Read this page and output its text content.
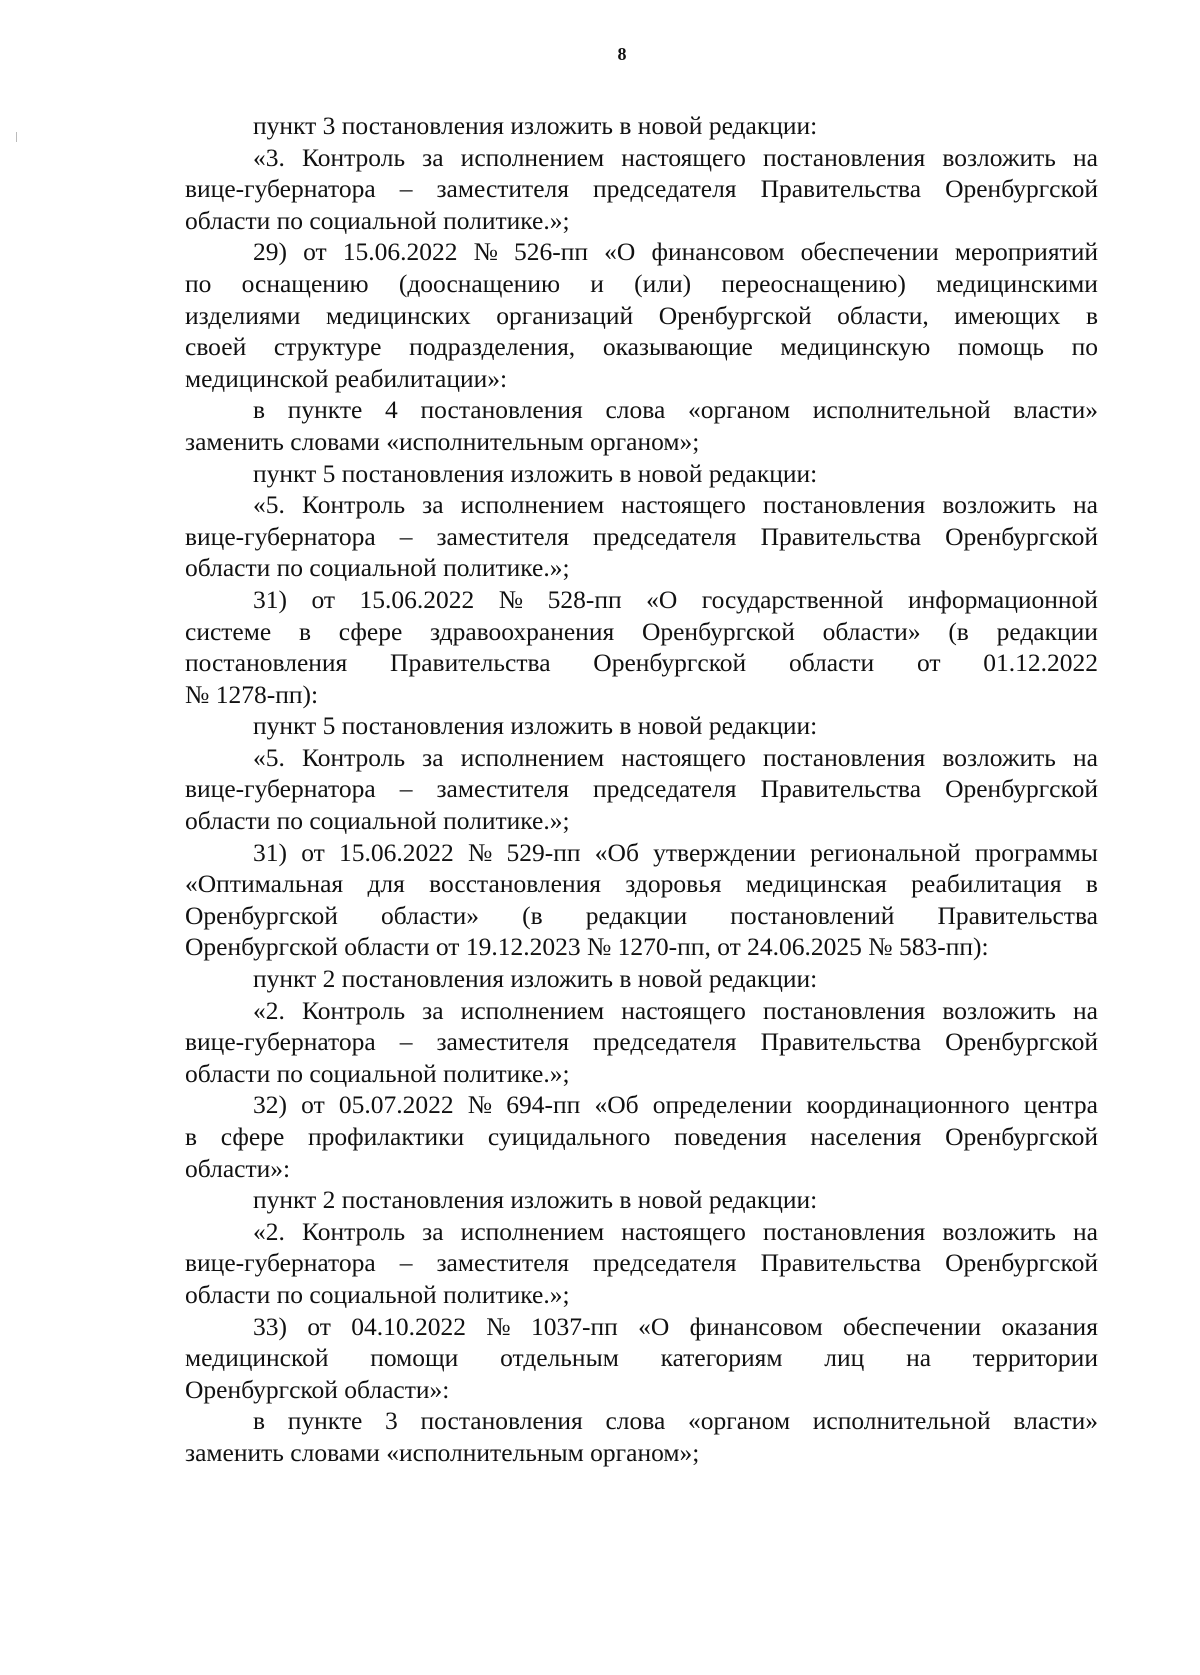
8
пункт 3 постановления изложить в новой редакции:
«3. Контроль за исполнением настоящего постановления возложить на
вице-губернатора – заместителя председателя Правительства Оренбургской
области по социальной политике.»;
29) от 15.06.2022 № 526-пп «О финансовом обеспечении мероприятий
по оснащению (дооснащению и (или) переоснащению) медицинскими
изделиями медицинских организаций Оренбургской области, имеющих в
своей структуре подразделения, оказывающие медицинскую помощь по
медицинской реабилитации»:
в пункте 4 постановления слова «органом исполнительной власти»
заменить словами «исполнительным органом»;
пункт 5 постановления изложить в новой редакции:
«5. Контроль за исполнением настоящего постановления возложить на
вице-губернатора – заместителя председателя Правительства Оренбургской
области по социальной политике.»;
31) от 15.06.2022 № 528-пп «О государственной информационной
системе в сфере здравоохранения Оренбургской области» (в редакции
постановления Правительства Оренбургской области от 01.12.2022
№ 1278-пп):
пункт 5 постановления изложить в новой редакции:
«5. Контроль за исполнением настоящего постановления возложить на
вице-губернатора – заместителя председателя Правительства Оренбургской
области по социальной политике.»;
31) от 15.06.2022 № 529-пп «Об утверждении региональной программы
«Оптимальная для восстановления здоровья медицинская реабилитация в
Оренбургской области» (в редакции постановлений Правительства
Оренбургской области от 19.12.2023 № 1270-пп, от 24.06.2025 № 583-пп):
пункт 2 постановления изложить в новой редакции:
«2. Контроль за исполнением настоящего постановления возложить на
вице-губернатора – заместителя председателя Правительства Оренбургской
области по социальной политике.»;
32) от 05.07.2022 № 694-пп «Об определении координационного центра
в сфере профилактики суицидального поведения населения Оренбургской
области»:
пункт 2 постановления изложить в новой редакции:
«2. Контроль за исполнением настоящего постановления возложить на
вице-губернатора – заместителя председателя Правительства Оренбургской
области по социальной политике.»;
33) от 04.10.2022 № 1037-пп «О финансовом обеспечении оказания
медицинской помощи отдельным категориям лиц на территории
Оренбургской области»:
в пункте 3 постановления слова «органом исполнительной власти»
заменить словами «исполнительным органом»;
